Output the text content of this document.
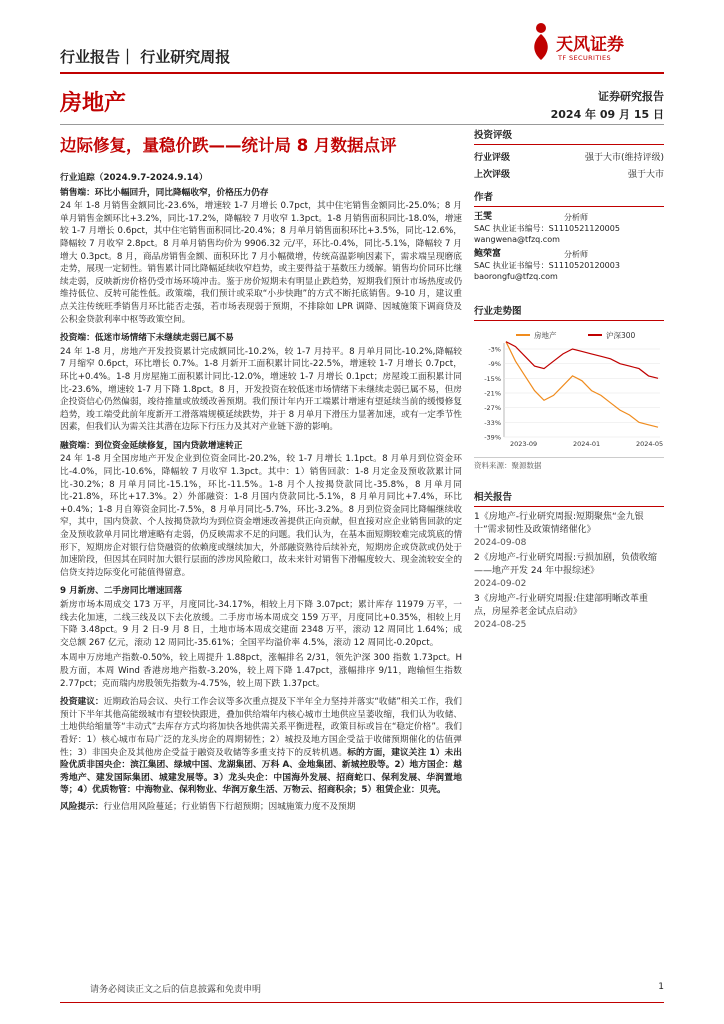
行业报告｜ 行业研究周报
天风证券
TF SECURITIES
房地产	证券研究报告
2024 年 09 月 15 日
边际修复，量稳价跌——统计局 8 月数据点评
行业追踪（2024.9.7-2024.9.14）
销售端：环比小幅回升，同比降幅收窄，价格压力仍存

24 年 1-8 月销售金额同比-23.6%，增速较 1-7 月增长 0.7pct，其中住宅销售金额同比-25.0%；8 月单月销售金额环比+3.2%，同比-17.2%，降幅较 7 月收窄 1.3pct。1-8 月销售面积同比-18.0%，增速较 1-7 月增长 0.6pct，其中住宅销售面积同比-20.4%；8 月单月销售面积环比+3.5%，同比-12.6%，降幅较 7 月收窄 2.8pct。8 月单月销售均价为 9906.32 元/平，环比-0.4%，同比-5.1%，降幅较 7 月增大 0.3pct。8 月，商品房销售金额、面积环比 7 月小幅微增，传统高温影响因素下，需求端呈现磨底走势，展现一定韧性。销售累计同比降幅延续收窄趋势，或主要得益于基数压力缓解。销售均价同环比继续走弱，反映新房价格仍受市场环境冲击。鉴于房价短期未有明显止跌趋势，短期我们预计市场热度或仍维持低位、反转可能性低。政策端，我们预计或采取“小步快跑”的方式不断托底销售。9-10 月，建议重点关注传统旺季销售月环比能否走强，若市场表现弱于预期，不排除如 LPR 调降、因城施策下调商贷及公积金贷款利率中枢等政策空间。

投资端：低迷市场情绪下未继续走弱已属不易

24 年 1-8 月，房地产开发投资累计完成额同比-10.2%，较 1-7 月持平。8 月单月同比-10.2%,降幅较 7 月缩窄 0.6pct，环比增长 0.7%。1-8 月新开工面积累计同比-22.5%，增速较 1-7 月增长 0.7pct，环比+0.4%。1-8 月房屋施工面积累计同比-12.0%，增速较 1-7 月增长 0.1pct；房屋竣工面积累计同比-23.6%，增速较 1-7 月下降 1.8pct。8 月，开发投资在较低迷市场情绪下未继续走弱已属不易，但房企投资信心仍然偏弱，竣待推量或放缓改善预期。我们预计年内开工端累计增速有望延续当前的缓慢修复趋势，竣工端受此前年度新开工滑落端规模延续跌势，并于 8 月单月下滑压力显著加速，或有一定季节性因素，但我们认为需关注其潜在边际下行压力及其对产业链下游的影响。

融资端：到位资金延续修复，国内贷款增速转正

24 年 1-8 月全国房地产开发企业到位资金同比-20.2%，较 1-7 月增长 1.1pct。8 月单月到位资金环比-4.0%，同比-10.6%，降幅较 7 月收窄 1.3pct。其中：1）销售回款：1-8 月定金及预收款累计同比-30.2%；8 月单月同比-15.1%，环比-11.5%。1-8 月个人按揭贷款同比-35.8%，8 月单月同比-21.8%，环比+17.3%。2）外部融资：1-8 月国内贷款同比-5.1%，8 月单月同比+7.4%，环比+0.4%；1-8 月自筹资金同比-7.5%，8 月单月同比-5.7%，环比-3.2%。8 月到位资金同比降幅继续收窄，其中，国内贷款、个人按揭贷款均为到位资金增速改善提供正向贡献，但直接对应企业销售回款的定金及预收款单月同比增速略有走弱，仍反映需求不足的问题。我们认为，在基本面短期较难完成筑底的情形下，短期房企对银行信贷融资的依赖度或继续加大，外部融资熟待后续补充，短期房企或贷款或仍处于加速阶段，但因其在同时加大银行层面的涉房风险敞口，故未来针对销售下滑幅度较大、现金流较安全的信贷支持边际变化可能值得留意。

9 月新房、二手房同比增速回落

新房市场本周成交 173 万平，月度同比-34.17%，相较上月下降 3.07pct；累计库存 11979 万平，一线去化加速，二线三线及以下去化放缓。二手房市场本周成交 159 万平，月度同比+0.35%，相较上月下降 3.48pct。9 月 2 日-9 月 8 日，土地市场本周成交建面 2348 万平，滚动 12 周同比 1.64%；成交总额 267 亿元，滚动 12 周同比-35.61%；全国平均溢价率 4.5%，滚动 12 周同比-0.20pct。

本周申万房地产指数-0.50%，较上周提升 1.88pct，涨幅排名 2/31，领先沪深 300 指数 1.73pct。H 股方面，本周 Wind 香港房地产指数-3.20%，较上周下降 1.47pct，涨幅排序 9/11，跑输恒生指数 2.77pct；克而瑞内房股领先指数为-4.75%，较上周下跌 1.37pct。

投资建议：近期政治局会议、央行工作会议等多次重点提及下半年全力坚持并落实“收储”相关工作，我们预计下半年其他高能级城市有望较快跟进，叠加供给端年内核心城市土地供应呈萎收缩，我们认为收储、土地供给缩量等“丰动式”去库存方式均将加快各地供需关系平衡进程，政策目标或旨在“稳定价格”。我们看好：1）核心城市布局广泛的龙头房企的周期韧性；2）城投及地方国企受益于收储预期催化的估值弹性；3）非国央企及其他房企受益于融资及收储等多重支持下的反转机遇。标的方面，建议关注 1）未出险优质非国央企：滨江集团、绿城中国、龙湖集团、万科 A、金地集团、新城控股等。2）地方国企：越秀地产、建发国际集团、城建发展等。3）龙头央企：中国海外发展、招商蛇口、保利发展、华润置地等；4）优质物管：中海物业、保利物业、华润万象生活、万物云、招商积余；5）租赁企业：贝壳。

风险提示：行业信用风险蔓延；行业销售下行超预期；因城施策力度不及预期

投资评级
行业评级	强于大市(维持评级)
上次评级	强于大市
作者
王雯	分析师
SAC 执业证书编号：S1110521120005
wangwena@tfzq.com
鲍荣富	分析师
SAC 执业证书编号：S1110520120003
baorongfu@tfzq.com
行业走势图
房地产	沪深300
-3%
-9%
-15%
-21%
-27%
-33%
-39%
2023-09	2024-01	2024-05
资料来源：聚源数据
相关报告
1《房地产-行业研究周报:短期聚焦“金九银十”需求韧性及政策情绪催化》
2024-09-08
2《房地产-行业研究周报:亏损加剧，负债收缩——地产开发 24 年中报综述》
2024-09-02
3《房地产-行业研究周报:住建部明晰改革重点，房屋养老金试点启动》
2024-08-25
请务必阅读正文之后的信息披露和免责申明	1
